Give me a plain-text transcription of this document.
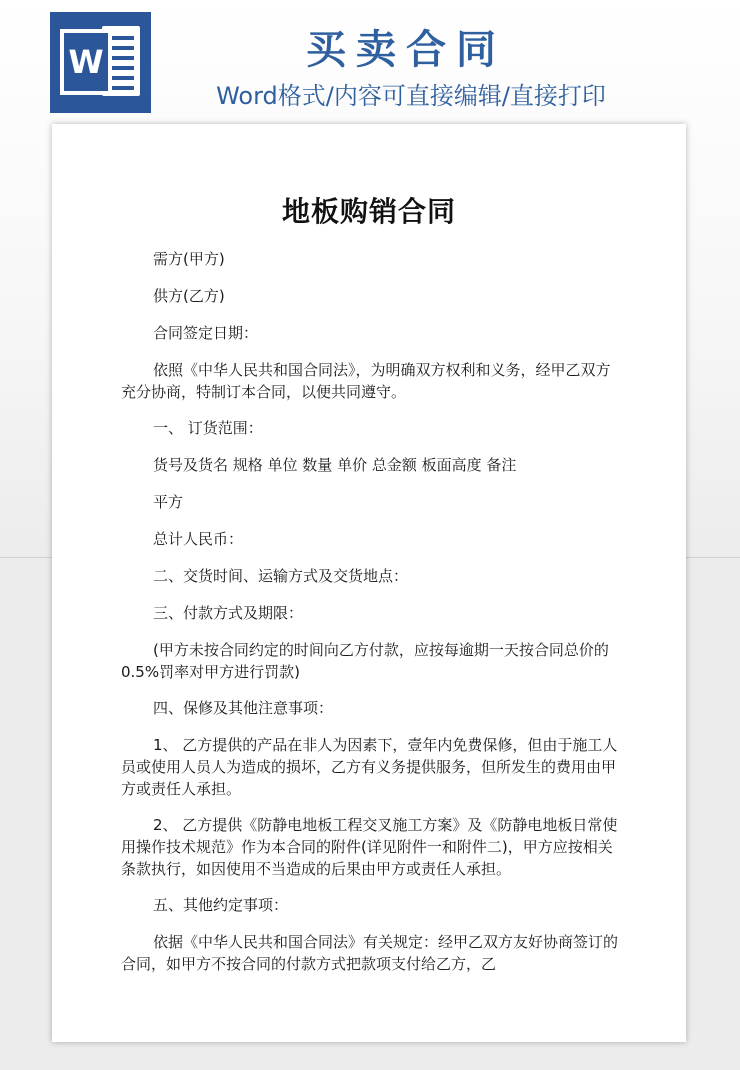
W	买卖合同
Word格式/内容可直接编辑/直接打印
地板购销合同

需方(甲方)

供方(乙方)

合同签定日期：

依照《中华人民共和国合同法》，为明确双方权利和义务，经甲乙双方充分协商，特制订本合同，以便共同遵守。

一、 订货范围：

货号及货名 规格 单位 数量 单价 总金额 板面高度 备注

平方

总计人民币：

二、交货时间、运输方式及交货地点：

三、付款方式及期限：

(甲方未按合同约定的时间向乙方付款，应按每逾期一天按合同总价的 0.5%罚率对甲方进行罚款)

四、保修及其他注意事项：

1、 乙方提供的产品在非人为因素下，壹年内免费保修，但由于施工人员或使用人员人为造成的损坏，乙方有义务提供服务，但所发生的费用由甲方或责任人承担。

2、 乙方提供《防静电地板工程交叉施工方案》及《防静电地板日常使用操作技术规范》作为本合同的附件(详见附件一和附件二)，甲方应按相关条款执行，如因使用不当造成的后果由甲方或责任人承担。

五、其他约定事项：

依据《中华人民共和国合同法》有关规定：经甲乙双方友好协商签订的合同，如甲方不按合同的付款方式把款项支付给乙方，乙
